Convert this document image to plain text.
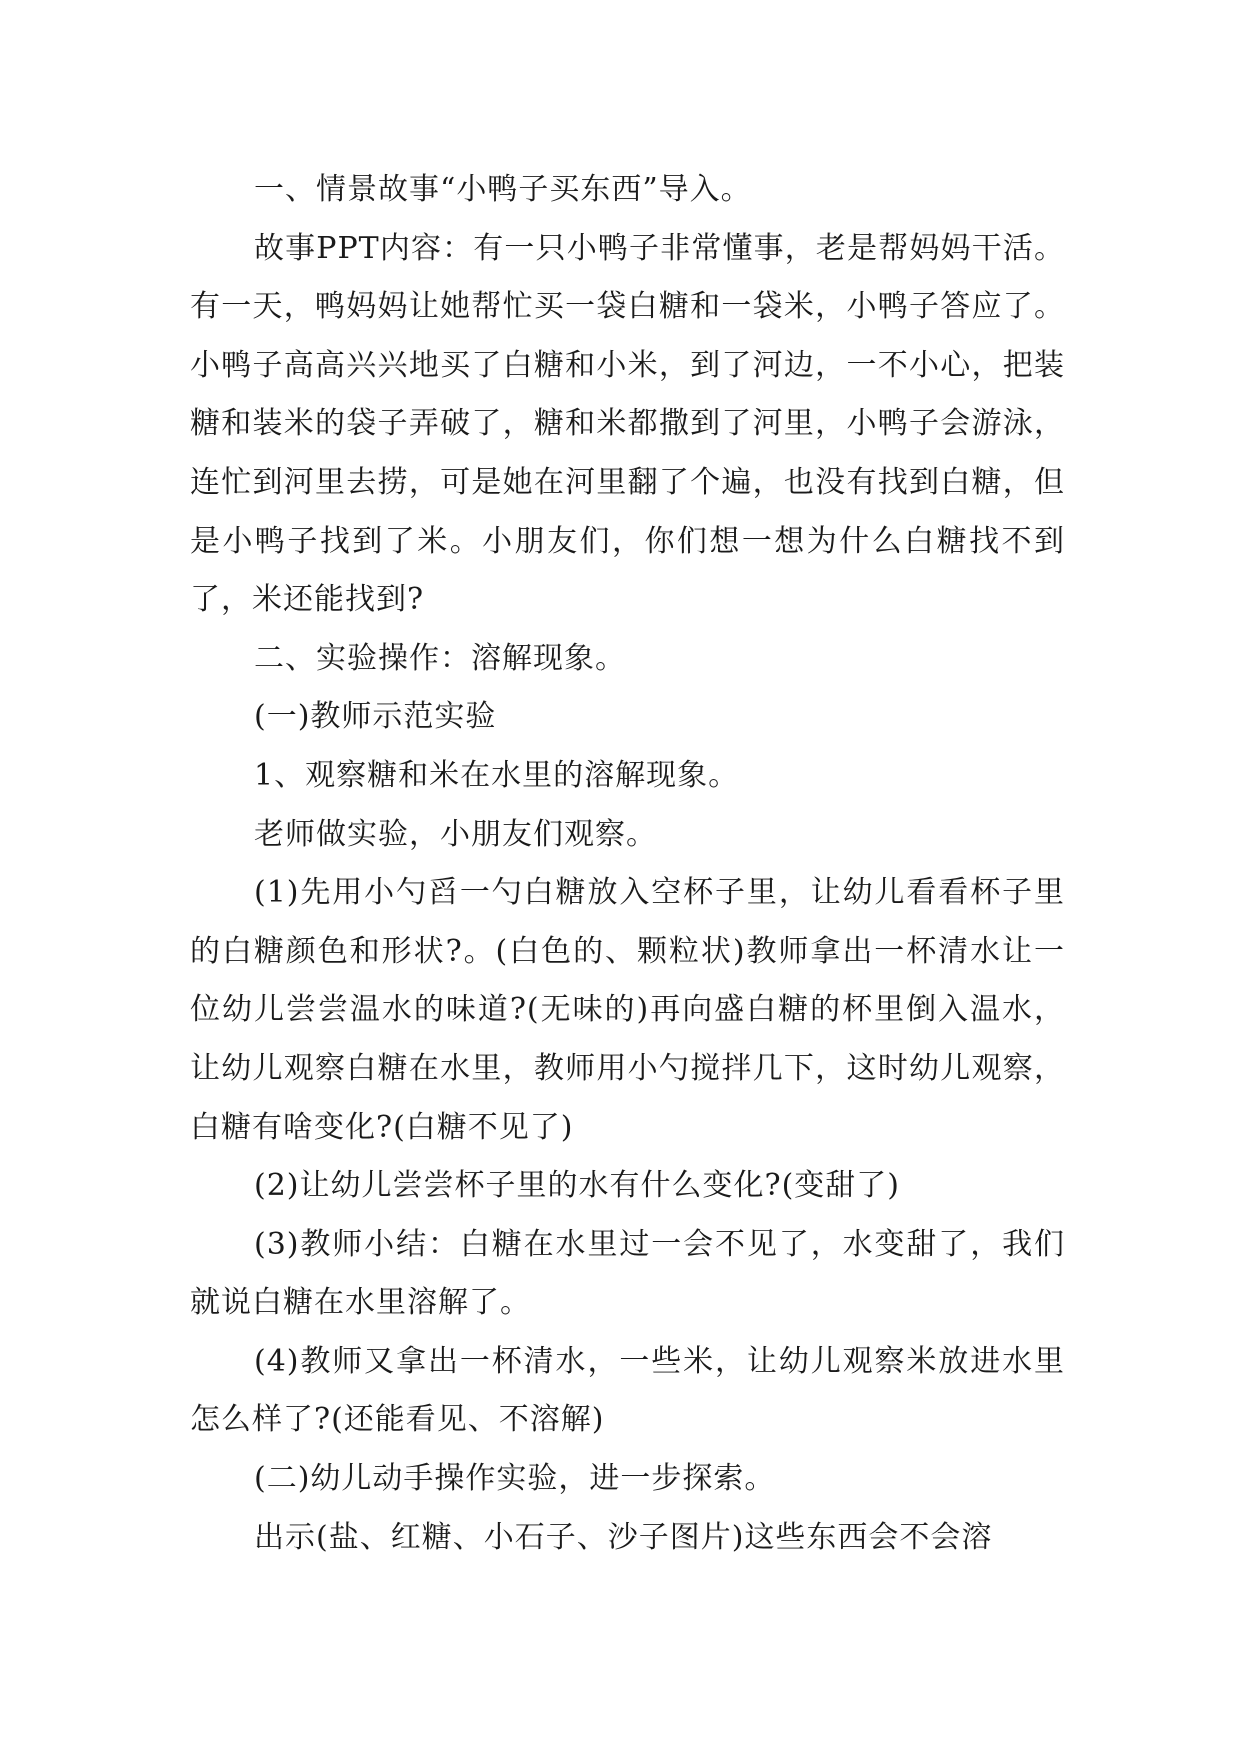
一、情景故事“小鸭子买东西”导入。

故事PPT内容：有一只小鸭子非常懂事，老是帮妈妈干活。有一天，鸭妈妈让她帮忙买一袋白糖和一袋米，小鸭子答应了。小鸭子高高兴兴地买了白糖和小米，到了河边，一不小心，把装糖和装米的袋子弄破了，糖和米都撒到了河里，小鸭子会游泳，连忙到河里去捞，可是她在河里翻了个遍，也没有找到白糖，但是小鸭子找到了米。小朋友们，你们想一想为什么白糖找不到了，米还能找到?

二、实验操作：溶解现象。

(一)教师示范实验

1、观察糖和米在水里的溶解现象。

老师做实验，小朋友们观察。

(1)先用小勺舀一勺白糖放入空杯子里，让幼儿看看杯子里的白糖颜色和形状?。(白色的、颗粒状)教师拿出一杯清水让一位幼儿尝尝温水的味道?(无味的)再向盛白糖的杯里倒入温水，让幼儿观察白糖在水里，教师用小勺搅拌几下，这时幼儿观察，白糖有啥变化?(白糖不见了)

(2)让幼儿尝尝杯子里的水有什么变化?(变甜了)

(3)教师小结：白糖在水里过一会不见了，水变甜了，我们就说白糖在水里溶解了。

(4)教师又拿出一杯清水，一些米，让幼儿观察米放进水里怎么样了?(还能看见、不溶解)

(二)幼儿动手操作实验，进一步探索。

出示(盐、红糖、小石子、沙子图片)这些东西会不会溶
